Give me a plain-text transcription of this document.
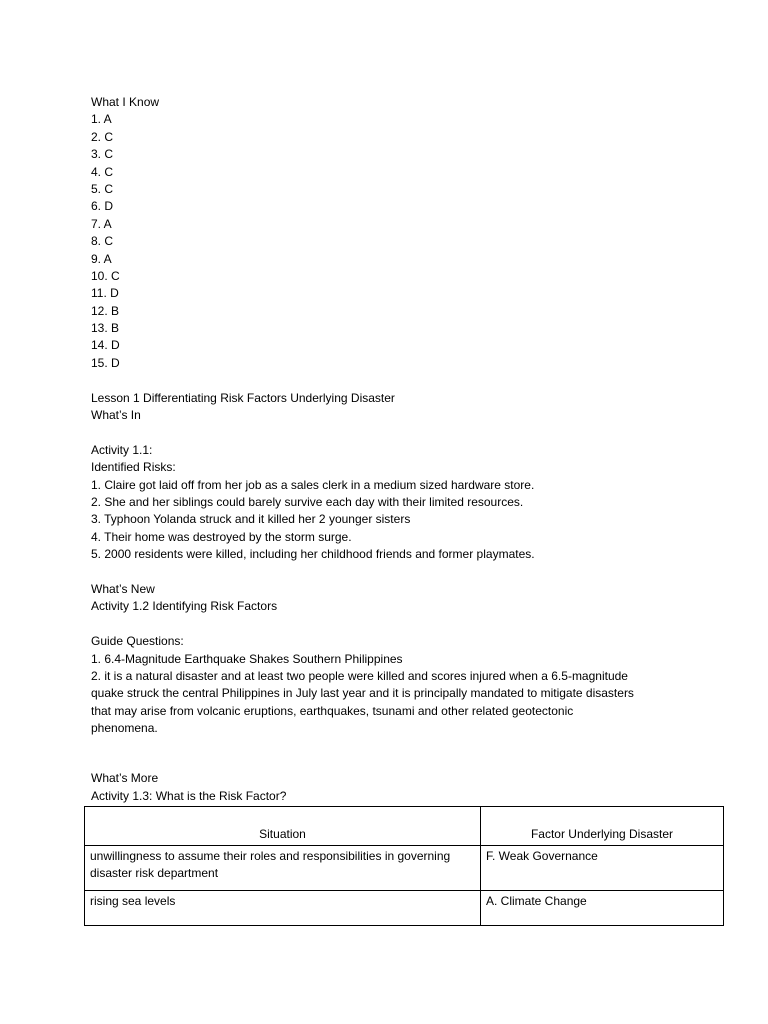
What I Know
1. A
2. C
3. C
4. C
5. C
6. D
7. A
8. C
9. A
10. C
11. D
12. B
13. B
14. D
15. D
Lesson 1 Differentiating Risk Factors Underlying Disaster
What’s In
Activity 1.1:
Identified Risks:
1. Claire got laid off from her job as a sales clerk in a medium sized hardware store.
2. She and her siblings could barely survive each day with their limited resources.
3. Typhoon Yolanda struck and it killed her 2 younger sisters
4. Their home was destroyed by the storm surge.
5. 2000 residents were killed, including her childhood friends and former playmates.
What’s New
Activity 1.2 Identifying Risk Factors
Guide Questions:
1. 6.4-Magnitude Earthquake Shakes Southern Philippines
2. it is a natural disaster and at least two people were killed and scores injured when a 6.5-magnitude
quake struck the central Philippines in July last year and it is principally mandated to mitigate disasters
that may arise from volcanic eruptions, earthquakes, tsunami and other related geotectonic
phenomena.
What’s More
Activity 1.3: What is the Risk Factor?
Situation	Factor Underlying Disaster
unwillingness to assume their roles and responsibilities in governing disaster risk department	F. Weak Governance
rising sea levels	A. Climate Change
